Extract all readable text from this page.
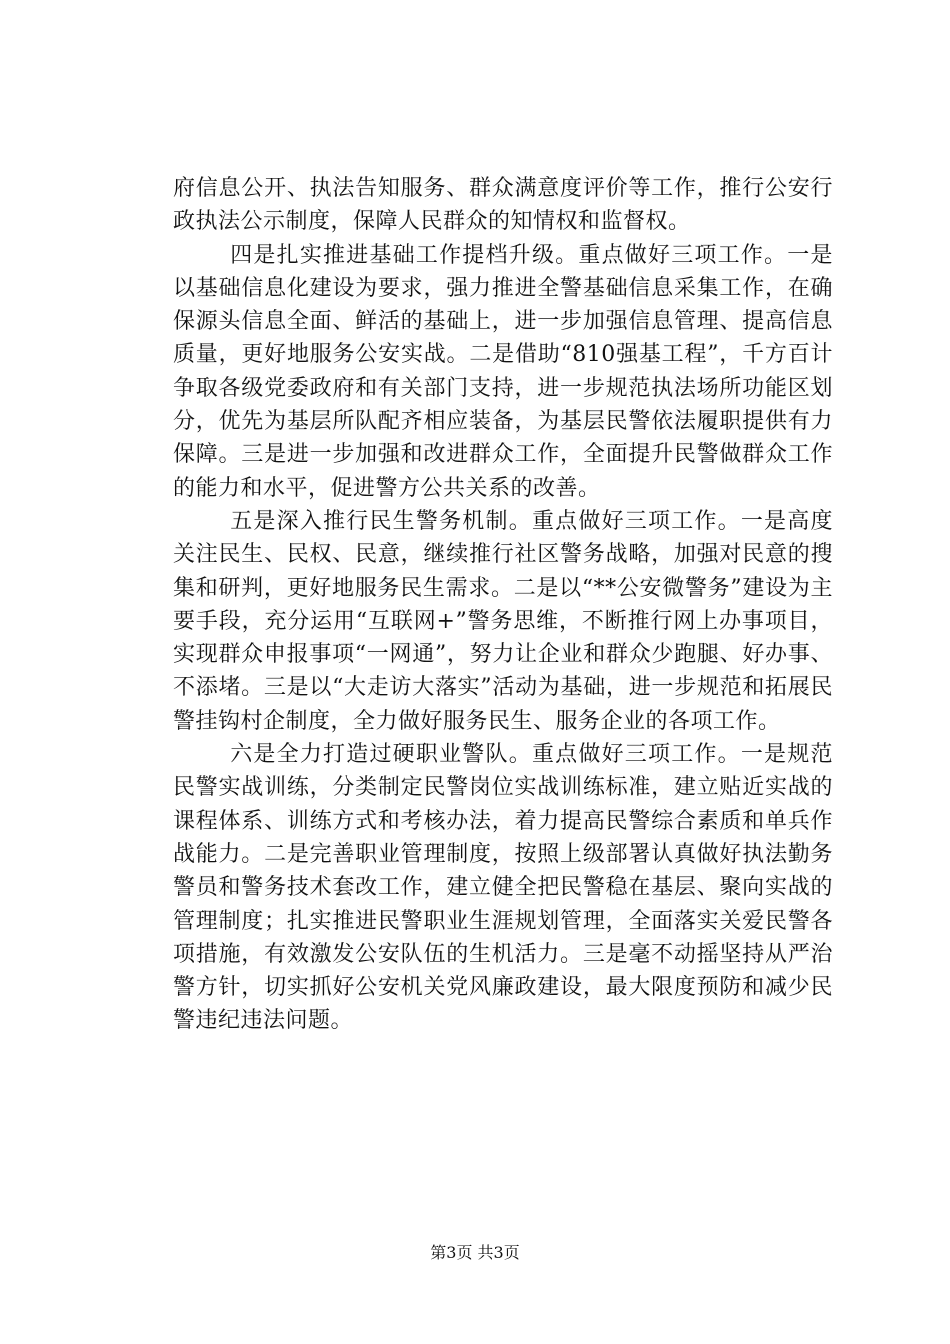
府信息公开、执法告知服务、群众满意度评价等工作，推行公安行政执法公示制度，保障人民群众的知情权和监督权。

四是扎实推进基础工作提档升级。重点做好三项工作。一是以基础信息化建设为要求，强力推进全警基础信息采集工作，在确保源头信息全面、鲜活的基础上，进一步加强信息管理、提高信息质量，更好地服务公安实战。二是借助“810强基工程”，千方百计争取各级党委政府和有关部门支持，进一步规范执法场所功能区划分，优先为基层所队配齐相应装备，为基层民警依法履职提供有力保障。三是进一步加强和改进群众工作，全面提升民警做群众工作的能力和水平，促进警方公共关系的改善。

五是深入推行民生警务机制。重点做好三项工作。一是高度关注民生、民权、民意，继续推行社区警务战略，加强对民意的搜集和研判，更好地服务民生需求。二是以“**公安微警务”建设为主要手段，充分运用“互联网+”警务思维，不断推行网上办事项目，实现群众申报事项“一网通”，努力让企业和群众少跑腿、好办事、不添堵。三是以“大走访大落实”活动为基础，进一步规范和拓展民警挂钩村企制度，全力做好服务民生、服务企业的各项工作。

六是全力打造过硬职业警队。重点做好三项工作。一是规范民警实战训练，分类制定民警岗位实战训练标准，建立贴近实战的课程体系、训练方式和考核办法，着力提高民警综合素质和单兵作战能力。二是完善职业管理制度，按照上级部署认真做好执法勤务警员和警务技术套改工作，建立健全把民警稳在基层、聚向实战的管理制度；扎实推进民警职业生涯规划管理，全面落实关爱民警各项措施，有效激发公安队伍的生机活力。三是毫不动摇坚持从严治警方针，切实抓好公安机关党风廉政建设，最大限度预防和减少民警违纪违法问题。

第3页 共3页
